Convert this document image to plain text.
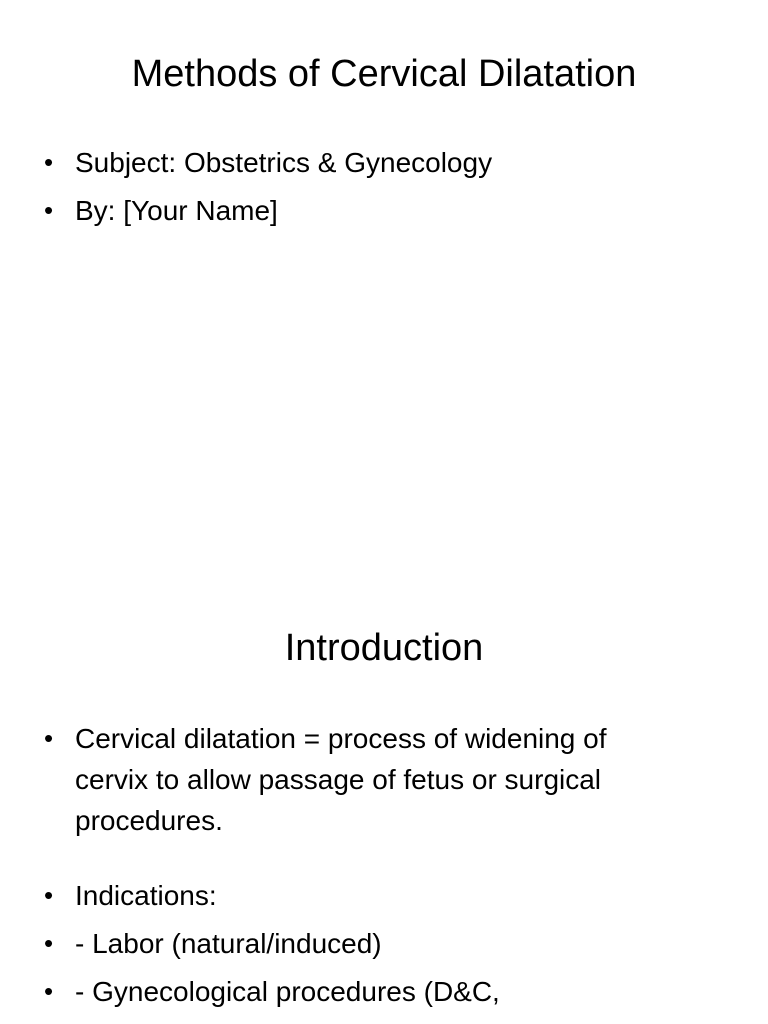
Methods of Cervical Dilatation
• Subject: Obstetrics & Gynecology
• By: [Your Name]
Introduction
• Cervical dilatation = process of widening of cervix to allow passage of fetus or surgical procedures.
• Indications:
• - Labor (natural/induced)
• - Gynecological procedures (D&C,
